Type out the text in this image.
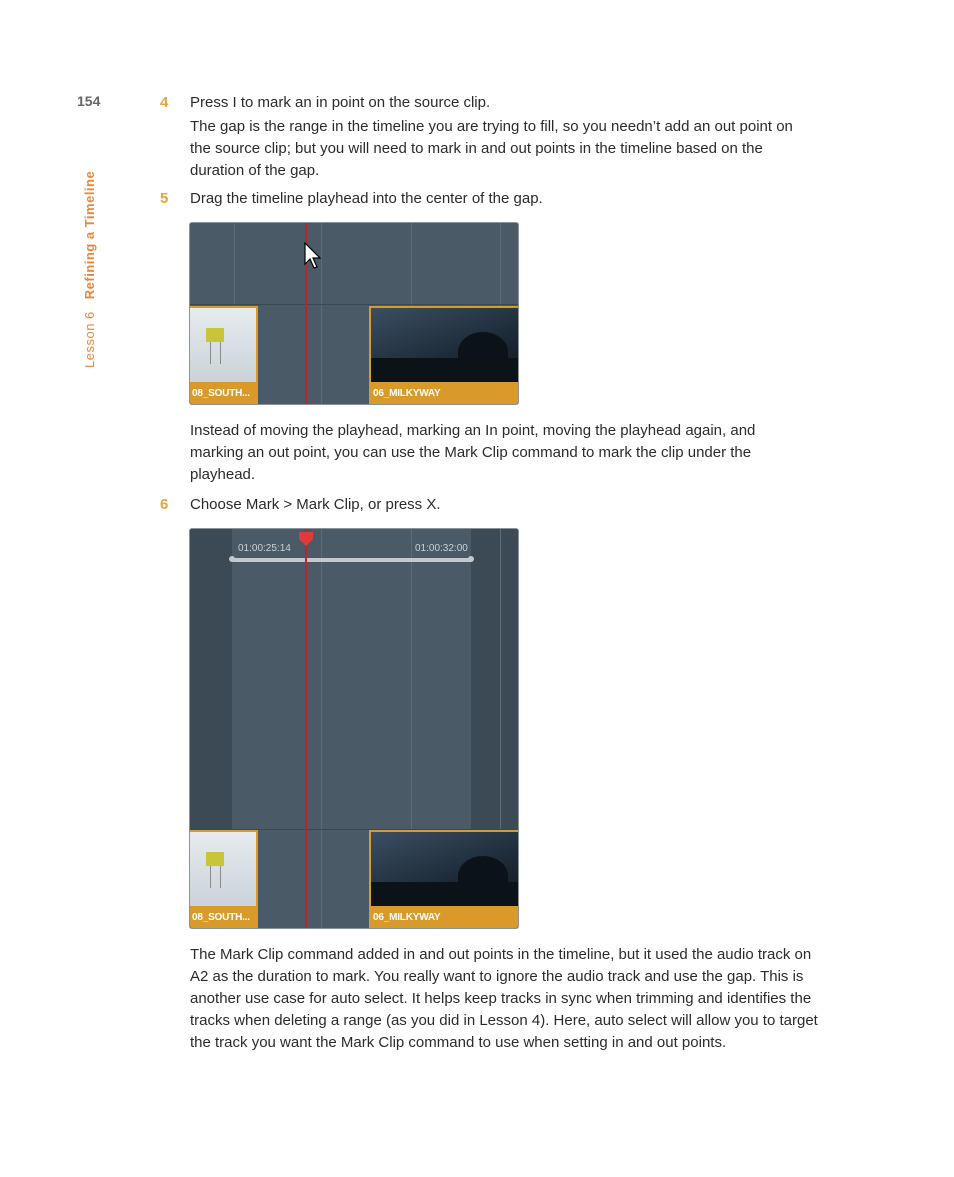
154
Lesson 6Refining a Timeline
4 Press I to mark an in point on the source clip.
The gap is the range in the timeline you are trying to fill, so you needn’t add an out point on the source clip; but you will need to mark in and out points in the timeline based on the duration of the gap.
5 Drag the timeline playhead into the center of the gap.
08_SOUTH...	06_MILKYWAY
Instead of moving the playhead, marking an In point, moving the playhead again, and marking an out point, you can use the Mark Clip command to mark the clip under the playhead.
6 Choose Mark > Mark Clip, or press X.
01:00:25:14	01:00:32:00
08_SOUTH...	06_MILKYWAY
The Mark Clip command added in and out points in the timeline, but it used the audio track on A2 as the duration to mark. You really want to ignore the audio track and use the gap. This is another use case for auto select. It helps keep tracks in sync when trimming and identifies the tracks when deleting a range (as you did in Lesson 4). Here, auto select will allow you to target the track you want the Mark Clip command to use when setting in and out points.
